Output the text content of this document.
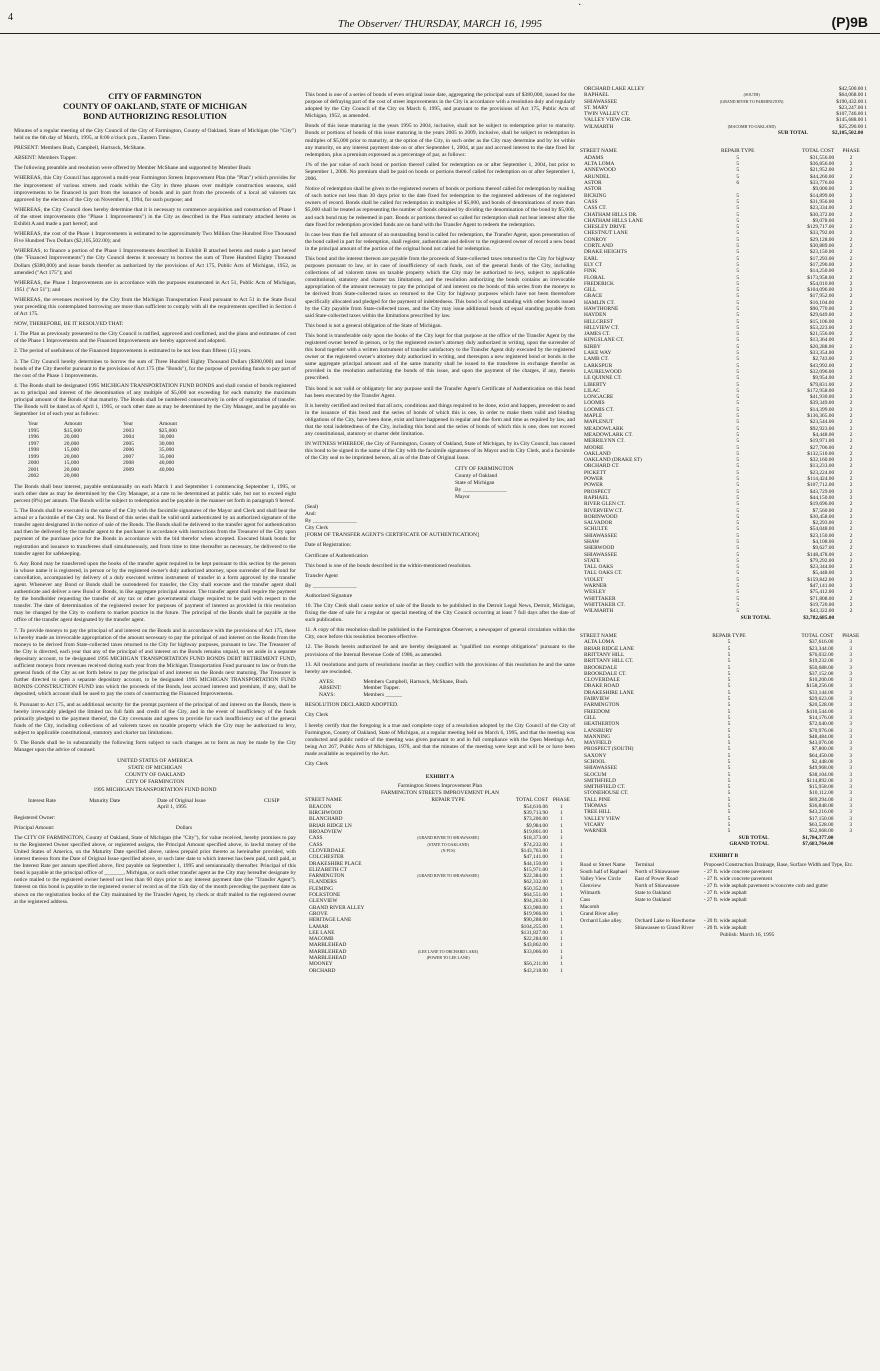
4
The Observer/ THURSDAY, MARCH 16, 1995	(P)9B
·
CITY OF FARMINGTON
COUNTY OF OAKLAND, STATE OF MICHIGAN
BOND AUTHORIZING RESOLUTION

Minutes of a regular meeting of the City Council of the City of Farmington, County of Oakland, State of Michigan (the "City") held on the 6th day of March, 1995, at 8:00 o'clock p.m., Eastern Time.

PRESENT: Members Bush, Campbell, Hartsock, McShane.

ABSENT: Members Tupper.

The following preamble and resolution were offered by Member McShane and supported by Member Bush:

WHEREAS, this City Council has approved a multi-year Farmington Streets Improvement Plan (the "Plan") which provides for the improvement of various streets and roads within the City in three phases over multiple construction seasons, said improvements to be financed in part from the issuance of bonds and in part from the proceeds of a local ad valorem tax approved by the electors of the City on November 8, 1994, for such purpose; and

WHEREAS, the City Council does hereby determine that it is necessary to commence acquisition and construction of Phase 1 of the street improvements (the "Phase 1 Improvements") in the City as described in the Plan summary attached hereto as Exhibit A and made a part hereof; and

WHEREAS, the cost of the Phase 1 Improvements is estimated to be approximately Two Million One Hundred Five Thousand Five Hundred Two Dollars ($2,105,502.00); and

WHEREAS, to finance a portion of the Phase 1 Improvements described in Exhibit B attached hereto and made a part hereof (the "Financed Improvements") the City Council deems it necessary to borrow the sum of Three Hundred Eighty Thousand Dollars ($380,000) and issue bonds therefor as authorized by the provisions of Act 175, Public Acts of Michigan, 1952, as amended ("Act 175"); and

WHEREAS, the Phase 1 Improvements are in accordance with the purposes enumerated in Act 51, Public Acts of Michigan, 1951 ("Act 51"); and

WHEREAS, the revenues received by the City from the Michigan Transportation Fund pursuant to Act 51 in the State fiscal year preceding this contemplated borrowing are more than sufficient to comply with all the requirements specified in Section 4 of Act 175.

NOW, THEREFORE, BE IT RESOLVED THAT:

1. The Plan as previously presented to the City Council is ratified, approved and confirmed, and the plans and estimates of cost of the Phase 1 Improvements and the Financed Improvements are hereby approved and adopted.

2. The period of usefulness of the Financed Improvements is estimated to be not less than fifteen (15) years.

3. The City Council hereby determines to borrow the sum of Three Hundred Eighty Thousand Dollars ($380,000) and issue bonds of the City therefor pursuant to the provisions of Act 175 (the "Bonds"), for the purpose of providing funds to pay part of the cost of the Phase 1 Improvements.

4. The Bonds shall be designated 1995 MICHIGAN TRANSPORTATION FUND BONDS and shall consist of bonds registered as to principal and interest of the denomination of any multiple of $5,000 not exceeding for each maturity the maximum principal amount of the Bonds of that maturity. The Bonds shall be numbered consecutively in order of registration of transfer. The Bonds will be dated as of April 1, 1995, or such other date as may be determined by the City Manager, and be payable on September 1st of each year as follows:

Year	Amount	Year	Amount
1995	$15,000	2003	$25,000
1996	20,000	2004	30,000
1997	20,000	2005	30,000
1998	15,000	2006	35,000
1999	20,000	2007	35,000
2000	15,000	2008	40,000
2001	20,000	2009	40,000
2002	20,000		

The Bonds shall bear interest, payable semiannually on each March 1 and September 1 commencing September 1, 1995, or such other date as may be determined by the City Manager, at a rate to be determined at public sale, but not to exceed eight percent (8%) per annum. The Bonds will be subject to redemption and be payable in the manner set forth in paragraph 9 hereof.

5. The Bonds shall be executed in the name of the City with the facsimile signatures of the Mayor and Clerk and shall bear the actual or a facsimile of the City seal. No Bond of this series shall be valid until authenticated by an authorized signature of the transfer agent designated in the notice of sale of the Bonds. The Bonds shall be delivered to the transfer agent for authentication and then be delivered by the transfer agent to the purchaser in accordance with instructions from the Treasurer of the City upon payment of the purchase price for the Bonds in accordance with the bid therefor when accepted. Executed blank bonds for registration and issuance to transferees shall simultaneously, and from time to time thereafter as necessary, be delivered to the transfer agent for safekeeping.

6. Any Bond may be transferred upon the books of the transfer agent required to be kept pursuant to this section by the person in whose name it is registered, in person or by the registered owner's duly authorized attorney, upon surrender of the Bond for cancellation, accompanied by delivery of a duly executed written instrument of transfer in a form approved by the transfer agent. Whenever any Bond or Bonds shall be surrendered for transfer, the City shall execute and the transfer agent shall authenticate and deliver a new Bond or Bonds, in like aggregate principal amount. The transfer agent shall require the payment by the bondholder requesting the transfer of any tax or other governmental charge required to be paid with respect to the transfer. The date of determination of the registered owner for purposes of payment of interest as provided in this resolution may be changed by the City to conform to market practice in the future. The principal of the Bonds shall be payable at the office of the transfer agent designated by the transfer agent.

7. To provide moneys to pay the principal of and interest on the Bonds and in accordance with the provisions of Act 175, there is hereby made an irrevocable appropriation of the amount necessary to pay the principal of and interest on the Bonds from the moneys to be derived from State-collected taxes returned to the City for highway purposes, pursuant to law. The Treasurer of the City is directed, each year that any of the principal of and interest on the Bonds remains unpaid, to set aside in a separate depositary account, to be designated 1995 MICHIGAN TRANSPORTATION FUND BONDS DEBT RETIREMENT FUND, sufficient moneys from revenues received during each year from the Michigan Transportation Fund pursuant to law or from the general funds of the City as set forth below to pay the principal of and interest on the Bonds next maturing. The Treasurer is further directed to open a separate depositary account, to be designated 1995 MICHIGAN TRANSPORTATION FUND BONDS CONSTRUCTION FUND into which the proceeds of the Bonds, less accrued interest and premium, if any, shall be deposited, which account shall be used to pay the costs of constructing the Financed Improvements.

8. Pursuant to Act 175, and as additional security for the prompt payment of the principal of and interest on the Bonds, there is hereby irrevocably pledged the limited tax full faith and credit of the City, and in the event of insufficiency of the funds primarily pledged to the payment thereof, the City covenants and agrees to provide for such insufficiency out of the general funds of the City, including collections of ad valorem taxes on taxable property which the City may be authorized to levy, subject to applicable constitutional, statutory and charter tax limitations.

9. The Bonds shall be in substantially the following form subject to such changes as to form as may be made by the City Manager upon the advice of counsel:

UNITED STATES OF AMERICA
STATE OF MICHIGAN
COUNTY OF OAKLAND
CITY OF FARMINGTON
1995 MICHIGAN TRANSPORTATION FUND BOND
Interest Rate	Maturity Date	Date of Original Issue	CUSIP
		April 1, 1995	

Registered Owner:

Principal Amount:	Dollars

The CITY OF FARMINGTON, County of Oakland, State of Michigan (the "City"), for value received, hereby promises to pay to the Registered Owner specified above, or registered assigns, the Principal Amount specified above, in lawful money of the United States of America, on the Maturity Date specified above, unless prepaid prior thereto as hereinafter provided, with interest thereon from the Date of Original Issue specified above, or such later date to which interest has been paid, until paid, at the Interest Rate per annum specified above, first payable on September 1, 1995 and semiannually thereafter. Principal of this bond is payable at the principal office of _______, Michigan, or such other transfer agent as the City may hereafter designate by notice mailed to the registered owner hereof not less than 60 days prior to any interest payment date (the "Transfer Agent"). Interest on this bond is payable to the registered owner of record as of the 15th day of the month preceding the payment date as shown on the registration books of the City maintained by the Transfer Agent, by check or draft mailed to the registered owner at the registered address.

This bond is one of a series of bonds of even original issue date, aggregating the principal sum of $380,000, issued for the purpose of defraying part of the cost of street improvements in the City in accordance with a resolution duly and regularly adopted by the City Council of the City on March 6, 1995, and pursuant to the provisions of Act 175, Public Acts of Michigan, 1952, as amended.

Bonds of this issue maturing in the years 1995 to 2004, inclusive, shall not be subject to redemption prior to maturity. Bonds or portions of bonds of this issue maturing in the years 2005 to 2009, inclusive, shall be subject to redemption in multiples of $5,000 prior to maturity, at the option of the City, in such order as the City may determine and by lot within any maturity, on any interest payment date on or after September 1, 2004, at par and accrued interest to the date fixed for redemption, plus a premium expressed as a percentage of par, as follows:

1% of the par value of each bond or portion thereof called for redemption on or after September 1, 2004, but prior to September 1, 2006. No premium shall be paid on bonds or portions thereof called for redemption on or after September 1, 2006.

Notice of redemption shall be given to the registered owners of bonds or portions thereof called for redemption by mailing of such notice not less than 30 days prior to the date fixed for redemption to the registered addresses of the registered owners of record. Bonds shall be called for redemption in multiples of $5,000, and bonds of denominations of more than $5,000 shall be treated as representing the number of bonds obtained by dividing the denomination of the bond by $5,000, and such bond may be redeemed in part. Bonds or portions thereof so called for redemption shall not bear interest after the date fixed for redemption provided funds are on hand with the Transfer Agent to redeem the redemption.

In case less than the full amount of an outstanding bond is called for redemption, the Transfer Agent, upon presentation of the bond called in part for redemption, shall register, authenticate and deliver to the registered owner of record a new bond in the principal amount of the portion of the original bond not called for redemption.

This bond and the interest thereon are payable from the proceeds of State-collected taxes returned to the City for highway purposes pursuant to law, or in case of insufficiency of such funds, out of the general funds of the City, including collections of ad valorem taxes on taxable property which the City may be authorized to levy, subject to applicable constitutional, statutory and charter tax limitations, and the resolution authorizing the bonds contains an irrevocable appropriation of the amount necessary to pay the principal of and interest on the bonds of this series from the moneys to be derived from State-collected taxes so returned to the City for highway purposes which have not been theretofore specifically allocated and pledged for the payment of indebtedness. This bond is of equal standing with other bonds issued by the City payable from State-collected taxes, and the City may issue additional bonds of equal standing payable from said State-collected taxes within the limitations prescribed by law.

This bond is not a general obligation of the State of Michigan.

This bond is transferable only upon the books of the City kept for that purpose at the office of the Transfer Agent by the registered owner hereof in person, or by the registered owner's attorney duly authorized in writing, upon the surrender of this bond together with a written instrument of transfer satisfactory to the Transfer Agent duly executed by the registered owner or the registered owner's attorney duly authorized in writing, and thereupon a new registered bond or bonds in the same aggregate principal amount and of the same maturity shall be issued to the transferee in exchange therefor as provided in the resolution authorizing the bonds of this issue, and upon the payment of the charges, if any, therein prescribed.

This bond is not valid or obligatory for any purpose until the Transfer Agent's Certificate of Authentication on this bond has been executed by the Transfer Agent.

It is hereby certified and recited that all acts, conditions and things required to be done, exist and happen, precedent to and in the issuance of this bond and the series of bonds of which this is one, in order to make them valid and binding obligations of the City, have been done, exist and have happened in regular and due form and time as required by law, and that the total indebtedness of the City, including this bond and the series of bonds of which this is one, does not exceed any constitutional, statutory or charter debt limitation.

IN WITNESS WHEREOF, the City of Farmington, County of Oakland, State of Michigan, by its City Council, has caused this bond to be signed in the name of the City with the facsimile signatures of its Mayor and its City Clerk, and a facsimile of the City seal to be imprinted hereon, all as of the Date of Original Issue.

CITY OF FARMINGTON
County of Oakland
State of Michigan
By ________________
Mayor
(Seal)
And:
By ________________
City Clerk

[FORM OF TRANSFER AGENT'S CERTIFICATE OF AUTHENTICATION]

Date of Registration:

Certificate of Authentication

This bond is one of the bonds described in the within-mentioned resolution.

Transfer Agent

By ________________

Authorized Signature

10. The City Clerk shall cause notice of sale of the Bonds to be published in the Detroit Legal News, Detroit, Michigan, fixing the date of sale for a regular or special meeting of the City Council occurring at least 7 full days after the date of such publication.

11. A copy of this resolution shall be published in the Farmington Observer, a newspaper of general circulation within the City, once before this resolution becomes effective.

12. The Bonds herein authorized be and are hereby designated as "qualified tax exempt obligations" pursuant to the provisions of the Internal Revenue Code of 1986, as amended.

13. All resolutions and parts of resolutions insofar as they conflict with the provisions of this resolution be and the same hereby are rescinded.

AYES:	Members Campbell, Hartsock, McShane, Bush.
ABSENT:	Member Tupper.
NAYS:	Members ______

RESOLUTION DECLARED ADOPTED.

City Clerk

I hereby certify that the foregoing is a true and complete copy of a resolution adopted by the City Council of the City of Farmington, County of Oakland, State of Michigan, at a regular meeting held on March 6, 1995, and that the meeting was conducted and public notice of the meeting was given pursuant to and in full compliance with the Open Meetings Act, being Act 267, Public Acts of Michigan, 1976, and that the minutes of the meeting were kept and will be or have been made available as required by the Act.

City Clerk

EXHIBIT A
Farmington Streets Improvement Plan
FARMINGTON STREETS IMPROVEMENT PLAN
STREET NAME	REPAIR TYPE	TOTAL COST	PHASE
BEACON		$54,616.06	1
BIRCHWOOD		$39,713.90	1
BLANCHARD		$73,206.00	1
BRIAR RIDGE LN		$9,984.00	1
BROADVIEW		$19,861.00	1
CASS	(GRAND RIVER TO SHIAWASSEE)	$18,373.00	1
CASS	(STATE TO OAKLAND)	$74,232.00	1
CLOVERDALE	(N PCS)	$143,763.00	1
COLCHESTER		$47,141.00	1
DRAKESHIRE PLACE		$44,150.00	1
ELIZABETH CT		$15,971.00	1
FARMINGTON	(GRAND RIVER TO SHIAWASSEE)	$22,384.00	1
FLANDERS		$62,332.00	1
FLEMING		$50,352.00	1
FOLKSTONE		$64,551.00	1
GLENVIEW		$94,263.00	1
GRAND RIVER ALLEY		$33,980.00	1
GROVE		$19,966.00	1
HERITAGE LANE		$90,288.00	1
LAMAR		$104,255.00	1
LEE LANE		$131,827.00	1
MACOMB		$22,284.00	1
MARBLEHEAD		$43,862.00	1
MARBLEHEAD	(LEE LANE TO ORCHARD LAKE)	$33,066.00	1
MARBLEHEAD	(POWER TO LEE LANE)		1
MOONEY		$56,211.00	1
ORCHARD		$43,218.00	1
ORCHARD LAKE ALLEY		$42,500.00	1
RAPHAEL	(SOUTH)	$64,068.00	1
SHIAWASSEE	(GRAND RIVER TO FARMINGTON)	$190,432.00	1
ST. MARY		$23,247.00	1
TWIN VALLEY CT.		$107,746.00	1
VALLEY VIEW CIR.		$145,688.00	1
WILMARTH	(MACOMB TO OAKLAND)	$25,290.00	1
	SUB TOTAL	$2,105,502.00	
STREET NAME	REPAIR TYPE	TOTAL COST	PHASE
ADAMS	5	$31,556.00	2
ALTA LOMA	5	$36,856.00	2
ANNEWOOD	5	$21,952.00	2
ARUNDEL	5	$44,260.00	2
ASTOR	6	$33,776.00	2
ASTOR		$9,000.00	2
BICKING	5	$14,899.00	2
CASS	5	$31,956.00	2
CASS CT.	5	$23,334.00	2
CHATHAM HILLS DR.	5	$30,372.00	2
CHATHAM HILLS LANE	5	$9,078.00	2
CHESLEY DRIVE	5	$129,717.00	2
CHESTNUT LANE	5	$33,792.00	2
CONROY	5	$29,128.00	2
CORTLAND	5	$30,889.00	2
DRAKE HEIGHTS	5	$23,150.00	2
EARL	5	$17,293.00	2
ELY CT	5	$17,290.00	2
FINK	5	$14,250.00	2
FLORAL	5	$173,958.00	2
FREDERICK	5	$54,010.00	2
GILL	5	$104,096.00	2
GRACE	5	$17,952.00	2
HAMLIN CT.	5	$16,104.00	2
HAWTHORNE	5	$90,770.00	2
HAYDEN	5	$29,649.00	2
HILLCREST	5	$15,106.00	2
HILLVIEW CT.	5	$53,223.00	2
JAMES CT.	5	$21,556.00	2
KINGSLANE CT.	5	$13,364.00	2
KIRBY	5	$20,288.00	2
LAKE WAY	5	$33,354.00	2
LAMB CT.	5	$2,743.00	2
LARKSPUR	5	$43,992.00	2
LAURELWOOD	5	$32,096.00	2
LE QUINNE CT.	5	$9,954.00	2
LIBERTY	5	$79,831.00	2
LILAC	5	$172,958.00	2
LONGACRE	5	$41,930.00	2
LOOMIS	5	$39,349.00	2
LOOMIS CT.	5	$14,399.00	2
MAPLE	5	$136,365.00	2
MAPLENUT	5	$23,544.00	2
MEADOWLARK	5	$92,923.00	2
MEADOWLARK CT.	5	$4,448.00	2
MERRILYNN CT.	5	$19,971.00	2
MOORE	5	$27,706.00	2
OAKLAND	5	$132,510.00	2
OAKLAND (DRAKE ST)	5	$32,160.00	2
ORCHARD CT.	5	$13,233.00	2
PICKETT	5	$23,224.00	2
POWER	5	$114,424.00	2
POWER	5	$107,712.00	2
PROSPECT	5	$43,729.00	2
RAPHAEL	5	$44,150.00	2
RIVER GLEN CT.	5	$19,696.00	2
RIVERVIEW CT.	5	$7,560.00	2
ROBINWOOD	5	$30,458.00	2
SALVADOR	5	$2,293.00	2
SCHULTE	5	$54,048.00	2
SHIAWASSEE	5	$23,150.00	2
SHAW	5	$4,108.00	2
SHERWOOD	5	$9,627.00	2
SHIAWASSEE	5	$148,478.00	2
STATE	5	$79,292.00	2
TALL OAKS	5	$23,344.00	2
TALL OAKS CT.	5	$5,448.00	2
VIOLET	5	$159,842.00	2
WARNER	5	$47,141.00	2
WESLEY	5	$75,412.00	2
WHITTAKER	5	$71,808.00	2
WHITTAKER CT.	5	$19,720.00	2
WILMARTH	5	$43,322.00	2
	SUB TOTAL	$3,782,685.00	
STREET NAME	REPAIR TYPE	TOTAL COST	PHASE
ALTA LOMA	5	$37,616.00	3
BRIAR RIDGE LANE	5	$23,344.00	3
BRITTANY HILL	5	$76,032.00	3
BRITTANY HILL CT.	5	$19,232.00	3
BROOKDALE	5	$50,688.00	3
BROOKDALE CT.	5	$37,152.00	3
CLOVERDALE	5	$10,200.00	3
DRAKE ROAD	5	$158,256.00	3
DRAKESHIRE LANE	5	$33,144.00	3
FAIRVIEW	5	$29,623.00	3
FARMINGTON	5	$20,528.00	3
FREEDOM	5	$410,544.00	3
GILL	5	$14,176.00	3
HEATHERTON	5	$72,640.00	3
LANSBURY	5	$70,976.00	3
MANNING	5	$48,484.00	3
MAYFIELD	5	$43,076.00	3
PROSPECT (SOUTH)	5	$7,800.00	3
SAXONY	5	$64,450.00	3
SCHOOL	5	$2,448.00	3
SHIAWASSEE	5	$49,968.00	3
SLOCUM	5	$38,104.00	3
SMITHFIELD	5	$114,892.00	3
SMITHFIELD CT.	5	$15,958.00	3
STONEHOUSE CT.	5	$10,112.00	3
TALL PINE	5	$69,294.00	3
THOMAS	5	$36,848.00	3
TREE HILL	5	$43,216.00	3
VALLEY VIEW	5	$17,150.00	3
VICARY	5	$63,528.00	3
WARNER	5	$52,668.00	3
	SUB TOTAL	$1,784,377.00	
	GRAND TOTAL	$7,683,764.00	
EXHIBIT B
Road or Street Name	Terminal	Proposed Construction Drainage, Base, Surface Width and Type, Etc.
South half of Raphael	North of Shiawassee	- 27 ft. wide concrete pavement
Valley View Circle	East of Power Road	- 27 ft. wide concrete pavement
Glenview	North of Shiawassee	- 27 ft. wide asphalt pavement w/concrete curb and gutter
Wilmarth	State to Oakland	- 27 ft. wide asphalt
Cass	State to Oakland	- 27 ft. wide asphalt
Macomb		
Grand River alley		
Orchard Lake alley	Orchard Lake to Hawthorne	- 20 ft. wide asphalt
	Shiawassee to Grand River	- 20 ft. wide asphalt

Publish: March 16, 1995
